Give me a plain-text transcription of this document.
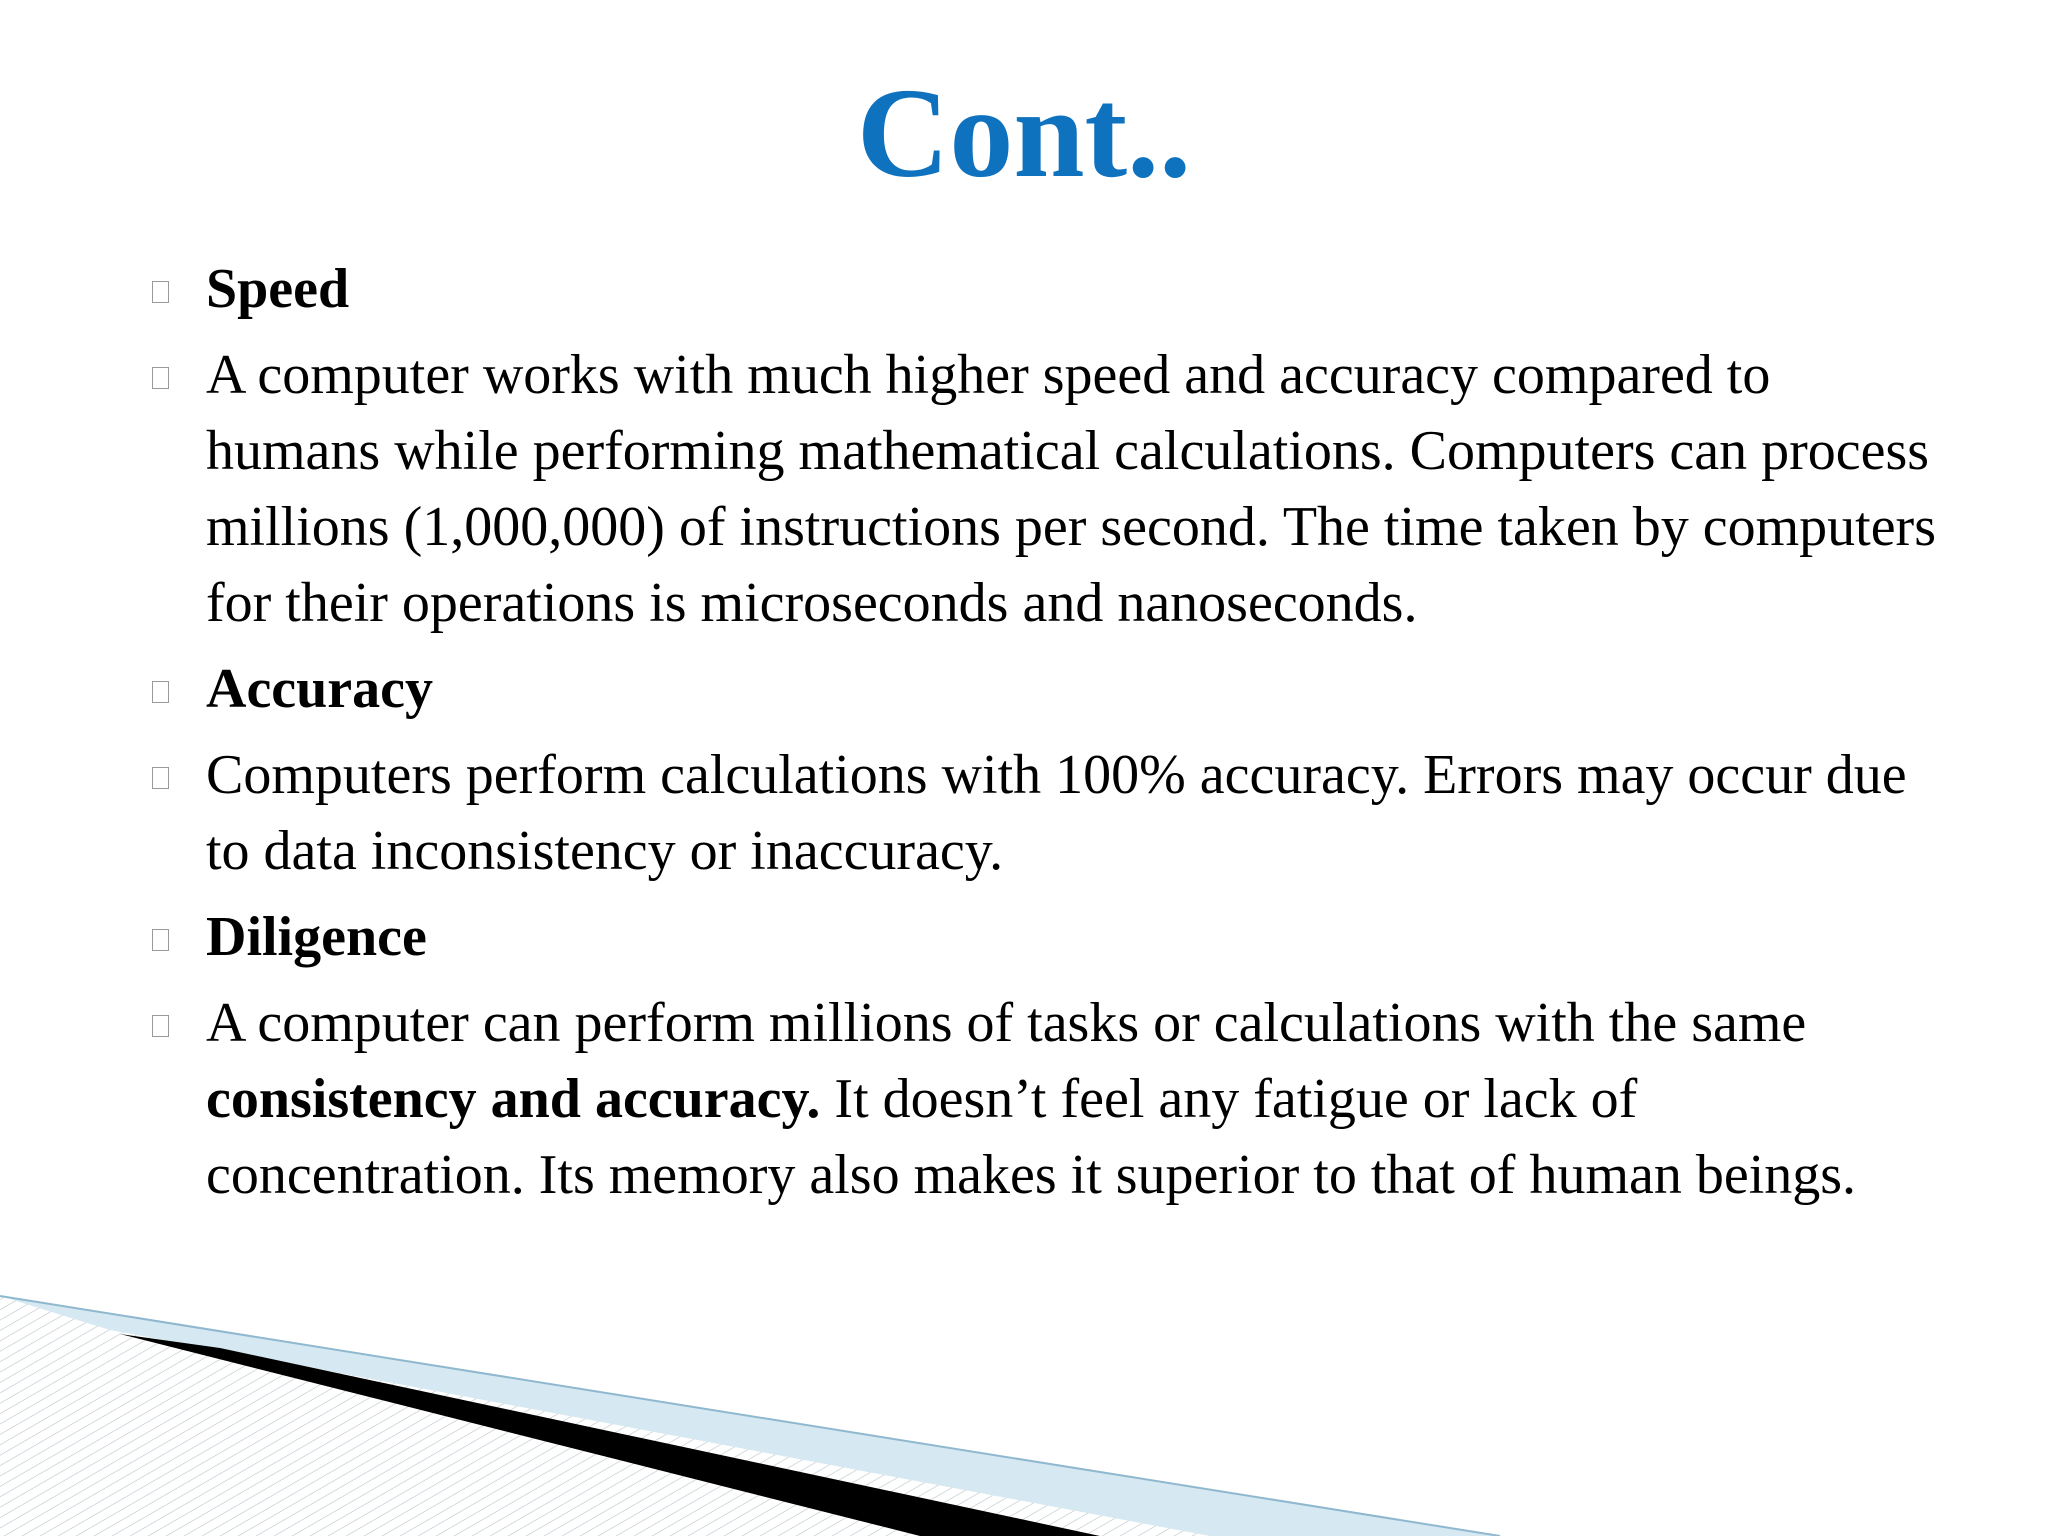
Cont..
Speed
A computer works with much higher speed and accuracy compared to humans while performing mathematical calculations. Computers can process millions (1,000,000) of instructions per second. The time taken by computers for their operations is microseconds and nanoseconds.
Accuracy
Computers perform calculations with 100% accuracy. Errors may occur due to data inconsistency or inaccuracy.
Diligence
A computer can perform millions of tasks or calculations with the same consistency and accuracy. It doesn’t feel any fatigue or lack of concentration. Its memory also makes it superior to that of human beings.
